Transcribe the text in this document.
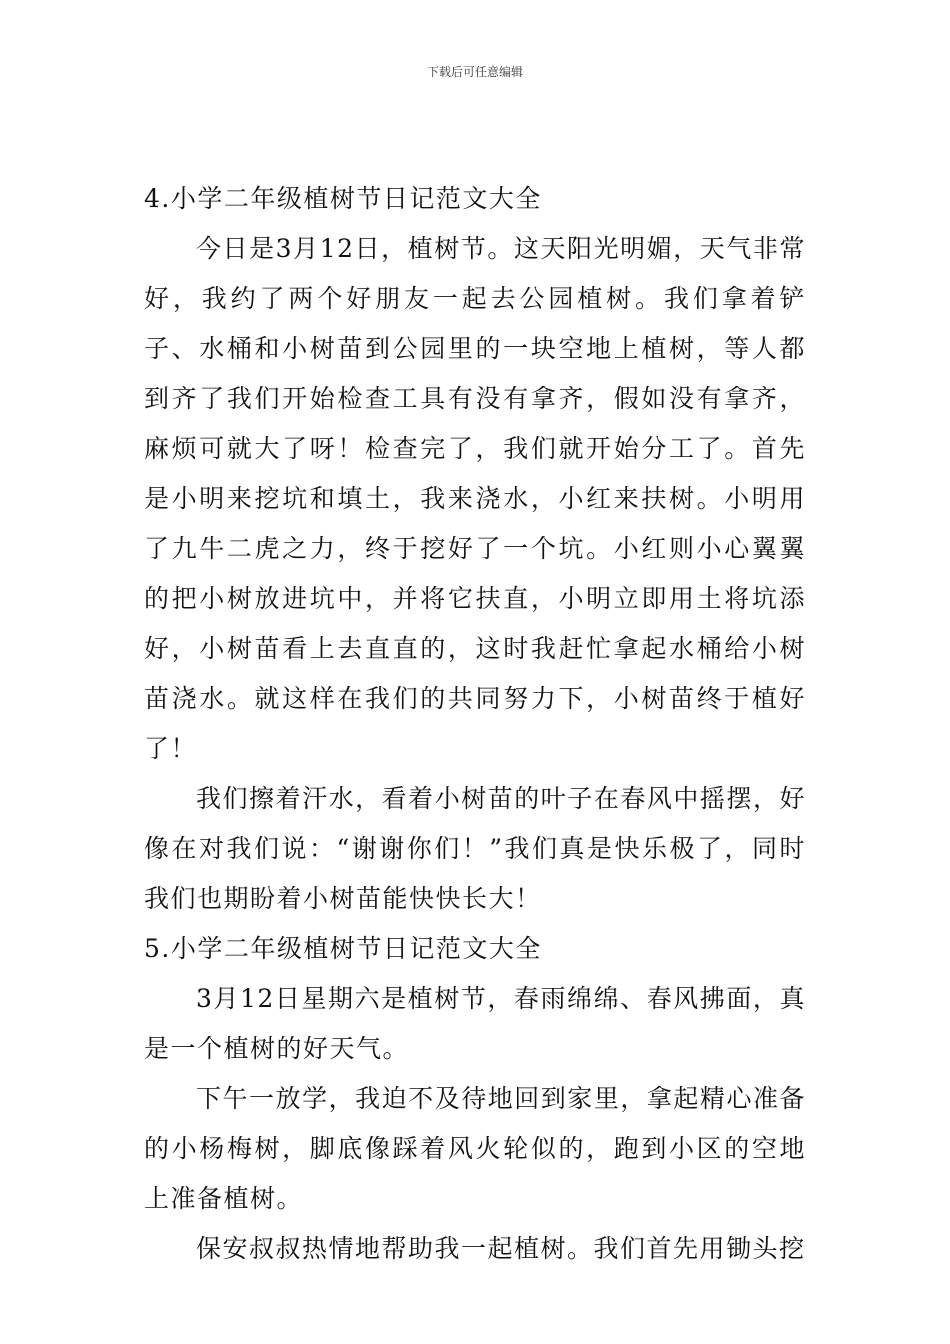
下载后可任意编辑

4.小学二年级植树节日记范文大全

今日是3月12日，植树节。这天阳光明媚，天气非常好，我约了两个好朋友一起去公园植树。我们拿着铲子、水桶和小树苗到公园里的一块空地上植树，等人都到齐了我们开始检查工具有没有拿齐，假如没有拿齐，麻烦可就大了呀！检查完了，我们就开始分工了。首先是小明来挖坑和填土，我来浇水，小红来扶树。小明用了九牛二虎之力，终于挖好了一个坑。小红则小心翼翼的把小树放进坑中，并将它扶直，小明立即用土将坑添好，小树苗看上去直直的，这时我赶忙拿起水桶给小树苗浇水。就这样在我们的共同努力下，小树苗终于植好了！

我们擦着汗水，看着小树苗的叶子在春风中摇摆，好像在对我们说：“谢谢你们！”我们真是快乐极了，同时我们也期盼着小树苗能快快长大！

5.小学二年级植树节日记范文大全

3月12日星期六是植树节，春雨绵绵、春风拂面，真是一个植树的好天气。

下午一放学，我迫不及待地回到家里，拿起精心准备的小杨梅树，脚底像踩着风火轮似的，跑到小区的空地上准备植树。

保安叔叔热情地帮助我一起植树。我们首先用锄头挖
